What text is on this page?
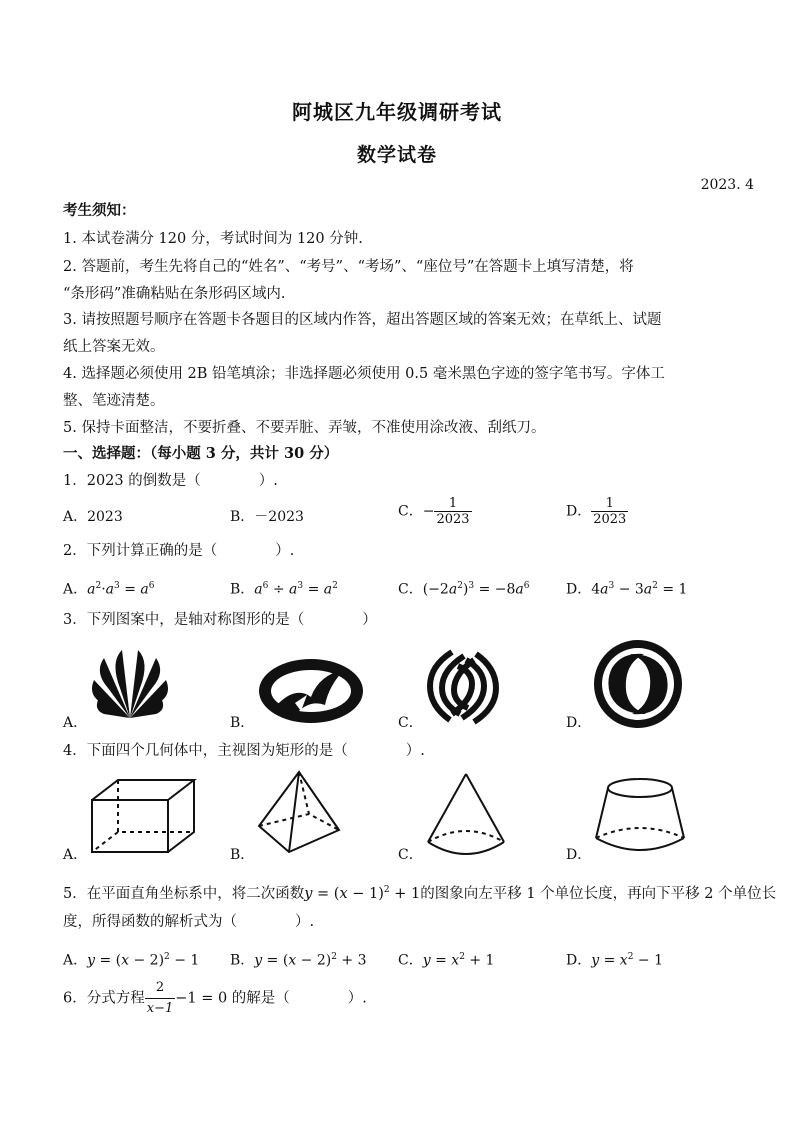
阿城区九年级调研考试
数学试卷
2023. 4
考生须知：
1. 本试卷满分 120 分，考试时间为 120 分钟.
2. 答题前，考生先将自己的“姓名”、“考号”、“考场”、“座位号”在答题卡上填写清楚，将
“条形码”准确粘贴在条形码区域内.
3. 请按照题号顺序在答题卡各题目的区域内作答，超出答题区域的答案无效；在草纸上、试题
纸上答案无效。
4. 选择题必须使用 2B 铅笔填涂；非选择题必须使用 0.5 毫米黑色字迹的签字笔书写。字体工
整、笔迹清楚。
5. 保持卡面整洁，不要折叠、不要弄脏、弄皱，不准使用涂改液、刮纸刀。
一、选择题：（每小题 3 分，共计 30 分）
1．2023 的倒数是（　　　　）.
A．2023	B．－2023	C．− $\frac{1}{2023}$	D． $\frac{1}{2023}$
2．下列计算正确的是（　　　　）.
A．$a^2\cdot a^3 = a^6$	B．$a^6 \div a^3 = a^2$	C．$(-2a^2)^3 = -8a^6$	D．$4a^3 - 3a^2 = 1$
3．下列图案中，是轴对称图形的是（　　　　）
A．	B．	C．	D．
4．下面四个几何体中，主视图为矩形的是（　　　　）.
A．	B．	C．	D．
5．在平面直角坐标系中，将二次函数$y = (x - 1)^2 + 1$的图象向左平移 1 个单位长度，再向下平移 2 个单位长
度，所得函数的解析式为（　　　　）.
A．$y = (x - 2)^2 - 1$ B．$y = (x - 2)^2 + 3$ C．$y = x^2 + 1$	D．$y = x^2 - 1$
6．分式方程 $\frac{2}{x-1} -1 = 0$ 的解是（　　　　）.
